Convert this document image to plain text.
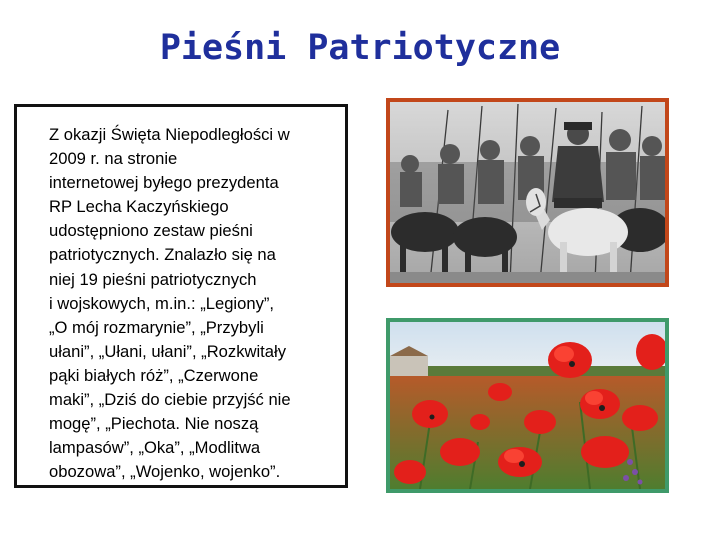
Pieśni Patriotyczne

Z okazji Święta Niepodległości w

2009 r. na stronie

internetowej byłego prezydenta

RP Lecha Kaczyńskiego

udostępniono zestaw pieśni

patriotycznych. Znalazło się na

niej 19 pieśni patriotycznych

i wojskowych, m.in.: „Legiony”,

„O mój rozmarynie”, „Przybyli

ułani”, „Ułani, ułani”, „Rozkwitały

pąki białych róż”, „Czerwone

maki”, „Dziś do ciebie przyjść nie

mogę”, „Piechota. Nie noszą

lampasów”, „Oka”, „Modlitwa

obozowa”, „Wojenko, wojenko”.
